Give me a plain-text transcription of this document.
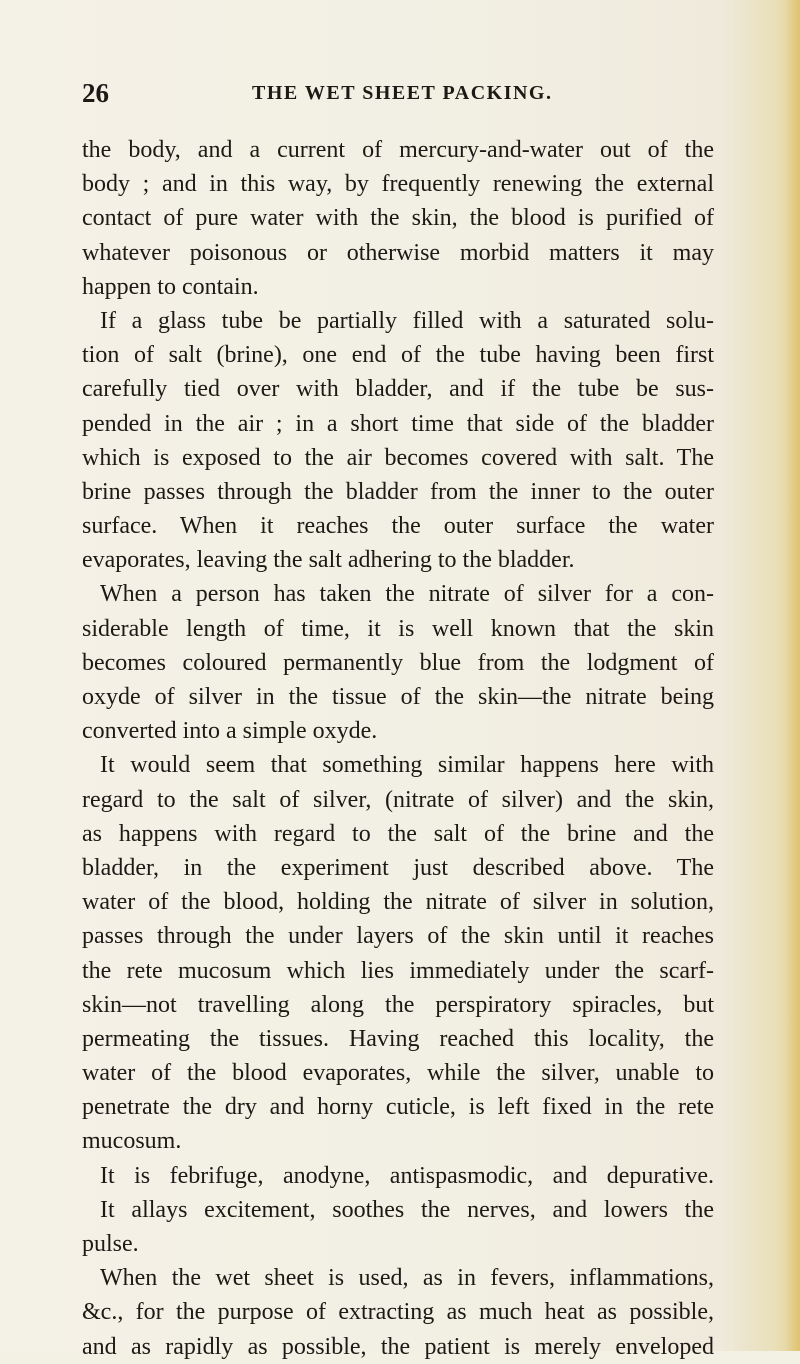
26	THE WET SHEET PACKING.
the body, and a current of mercury-and-water out of the
body ; and in this way, by frequently renewing the external
contact of pure water with the skin, the blood is purified of
whatever poisonous or otherwise morbid matters it may
happen to contain.
If a glass tube be partially filled with a saturated solu-
tion of salt (brine), one end of the tube having been first
carefully tied over with bladder, and if the tube be sus-
pended in the air ; in a short time that side of the bladder
which is exposed to the air becomes covered with salt. The
brine passes through the bladder from the inner to the outer
surface. When it reaches the outer surface the water
evaporates, leaving the salt adhering to the bladder.
When a person has taken the nitrate of silver for a con-
siderable length of time, it is well known that the skin
becomes coloured permanently blue from the lodgment of
oxyde of silver in the tissue of the skin—the nitrate being
converted into a simple oxyde.
It would seem that something similar happens here with
regard to the salt of silver, (nitrate of silver) and the skin,
as happens with regard to the salt of the brine and the
bladder, in the experiment just described above. The
water of the blood, holding the nitrate of silver in solution,
passes through the under layers of the skin until it reaches
the rete mucosum which lies immediately under the scarf-
skin—not travelling along the perspiratory spiracles, but
permeating the tissues. Having reached this locality, the
water of the blood evaporates, while the silver, unable to
penetrate the dry and horny cuticle, is left fixed in the rete
mucosum.
It is febrifuge, anodyne, antispasmodic, and depurative.
It allays excitement, soothes the nerves, and lowers the
pulse.
When the wet sheet is used, as in fevers, inflammations,
&c., for the purpose of extracting as much heat as possible,
and as rapidly as possible, the patient is merely enveloped
